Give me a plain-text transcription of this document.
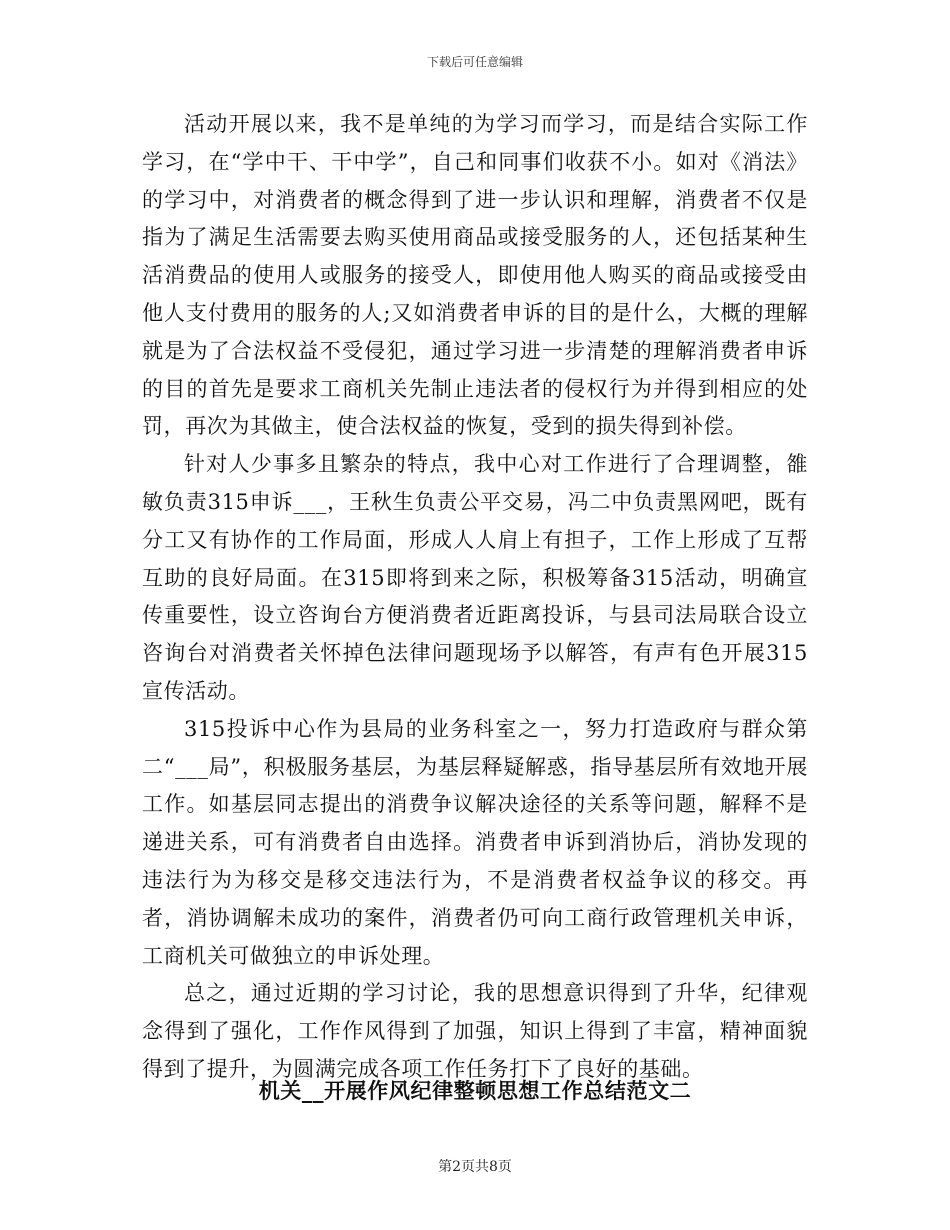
下载后可任意编辑

活动开展以来，我不是单纯的为学习而学习，而是结合实际工作学习，在“学中干、干中学”，自己和同事们收获不小。如对《消法》的学习中，对消费者的概念得到了进一步认识和理解，消费者不仅是指为了满足生活需要去购买使用商品或接受服务的人，还包括某种生活消费品的使用人或服务的接受人，即使用他人购买的商品或接受由他人支付费用的服务的人;又如消费者申诉的目的是什么，大概的理解就是为了合法权益不受侵犯，通过学习进一步清楚的理解消费者申诉的目的首先是要求工商机关先制止违法者的侵权行为并得到相应的处罚，再次为其做主，使合法权益的恢复，受到的损失得到补偿。

针对人少事多且繁杂的特点，我中心对工作进行了合理调整，雒敏负责315申诉___，王秋生负责公平交易，冯二中负责黑网吧，既有分工又有协作的工作局面，形成人人肩上有担子，工作上形成了互帮互助的良好局面。在315即将到来之际，积极筹备315活动，明确宣传重要性，设立咨询台方便消费者近距离投诉，与县司法局联合设立咨询台对消费者关怀掉色法律问题现场予以解答，有声有色开展315宣传活动。

315投诉中心作为县局的业务科室之一，努力打造政府与群众第二“___局”，积极服务基层，为基层释疑解惑，指导基层所有效地开展工作。如基层同志提出的消费争议解决途径的关系等问题，解释不是递进关系，可有消费者自由选择。消费者申诉到消协后，消协发现的违法行为为移交是移交违法行为，不是消费者权益争议的移交。再者，消协调解未成功的案件，消费者仍可向工商行政管理机关申诉，工商机关可做独立的申诉处理。

总之，通过近期的学习讨论，我的思想意识得到了升华，纪律观念得到了强化，工作作风得到了加强，知识上得到了丰富，精神面貌得到了提升，为圆满完成各项工作任务打下了良好的基础。

机关__开展作风纪律整顿思想工作总结范文二
第2页共8页
